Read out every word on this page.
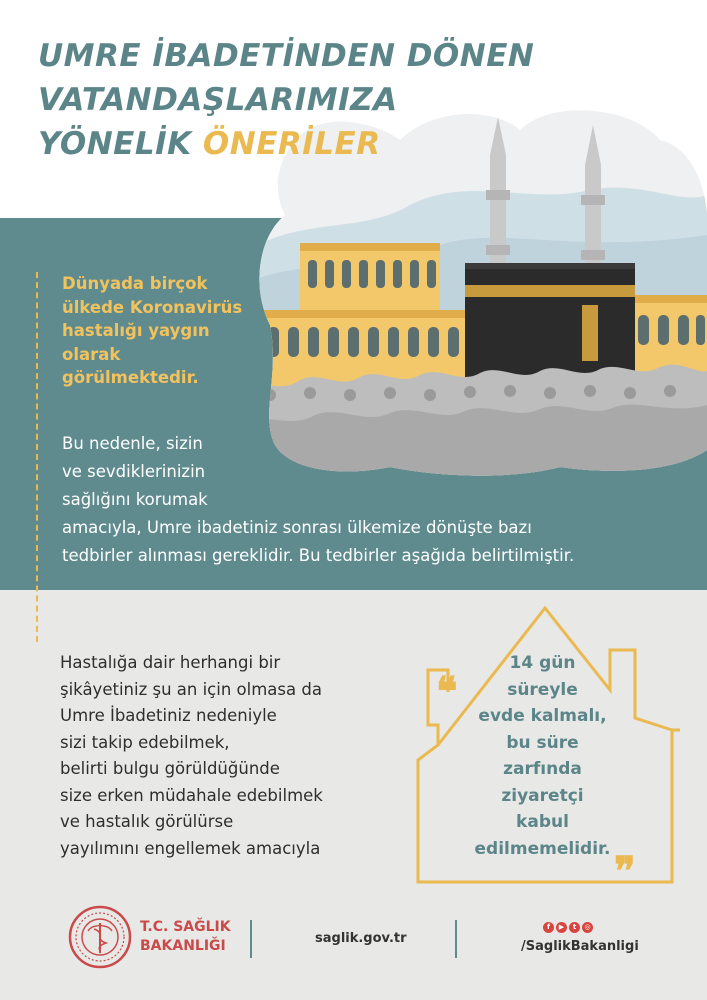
UMRE İBADETİNDEN DÖNEN
VATANDAŞLARIMIZA
YÖNELİK ÖNERİLER

Dünyada birçok ülkede Koronavirüs hastalığı yaygın olarak görülmektedir.

Bu nedenle, sizin
ve sevdiklerinizin
sağlığını korumak
amacıyla, Umre ibadetiniz sonrası ülkemize dönüşte bazı
tedbirler alınması gereklidir. Bu tedbirler aşağıda belirtilmiştir.

Hastalığa dair herhangi bir
şikâyetiniz şu an için olmasa da
Umre İbadetiniz nedeniyle
sizi takip edebilmek,
belirti bulgu görüldüğünde
size erken müdahale edebilmek
ve hastalık görülürse
yayılımını engellemek amacıyla

❝
❞

14 gün
süreyle
evde kalmalı,
bu süre
zarfında
ziyaretçi
kabul
edilmemelidir.

T.C. SAĞLIK
BAKANLIĞI	saglik.gov.tr
f	▶	t	◎
/SaglikBakanligi
